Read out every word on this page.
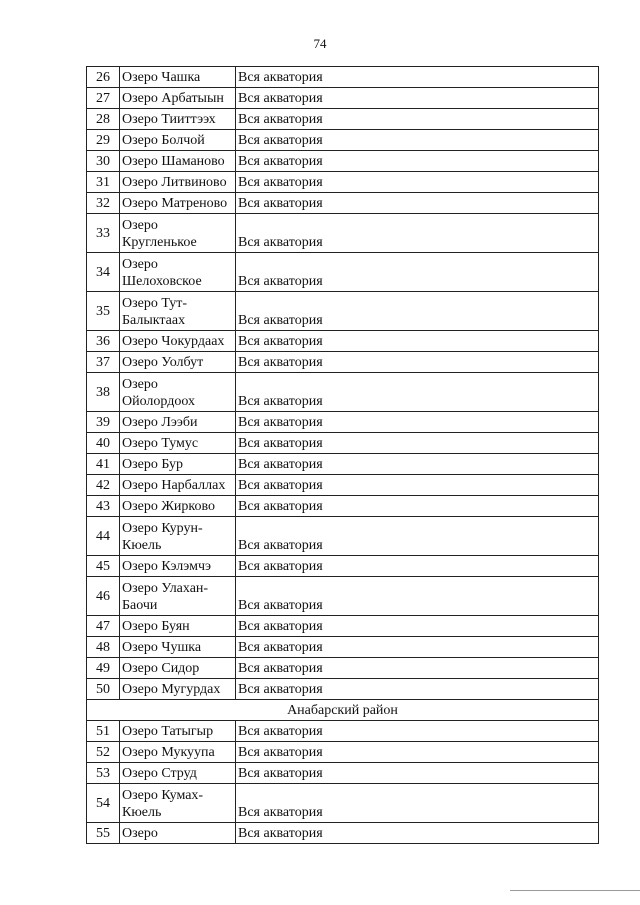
74
26	Озеро Чашка	Вся акватория
27	Озеро Арбатыын	Вся акватория
28	Озеро Тииттээх	Вся акватория
29	Озеро Болчой	Вся акватория
30	Озеро Шаманово	Вся акватория
31	Озеро Литвиново	Вся акватория
32	Озеро Матреново	Вся акватория
33	Озеро Кругленькое	Вся акватория
34	Озеро Шелоховское	Вся акватория
35	Озеро Тут-Балыктаах	Вся акватория
36	Озеро Чокурдаах	Вся акватория
37	Озеро Уолбут	Вся акватория
38	Озеро Ойолордоох	Вся акватория
39	Озеро Лээби	Вся акватория
40	Озеро Тумус	Вся акватория
41	Озеро Бур	Вся акватория
42	Озеро Нарбаллах	Вся акватория
43	Озеро Жирково	Вся акватория
44	Озеро Курун-Кюель	Вся акватория
45	Озеро Кэлэмчэ	Вся акватория
46	Озеро Улахан-Баочи	Вся акватория
47	Озеро Буян	Вся акватория
48	Озеро Чушка	Вся акватория
49	Озеро Сидор	Вся акватория
50	Озеро Мугурдах	Вся акватория
Анабарский район		
51	Озеро Татыгыр	Вся акватория
52	Озеро Мукуупа	Вся акватория
53	Озеро Струд	Вся акватория
54	Озеро Кумах-Кюель	Вся акватория
55	Озеро	Вся акватория
